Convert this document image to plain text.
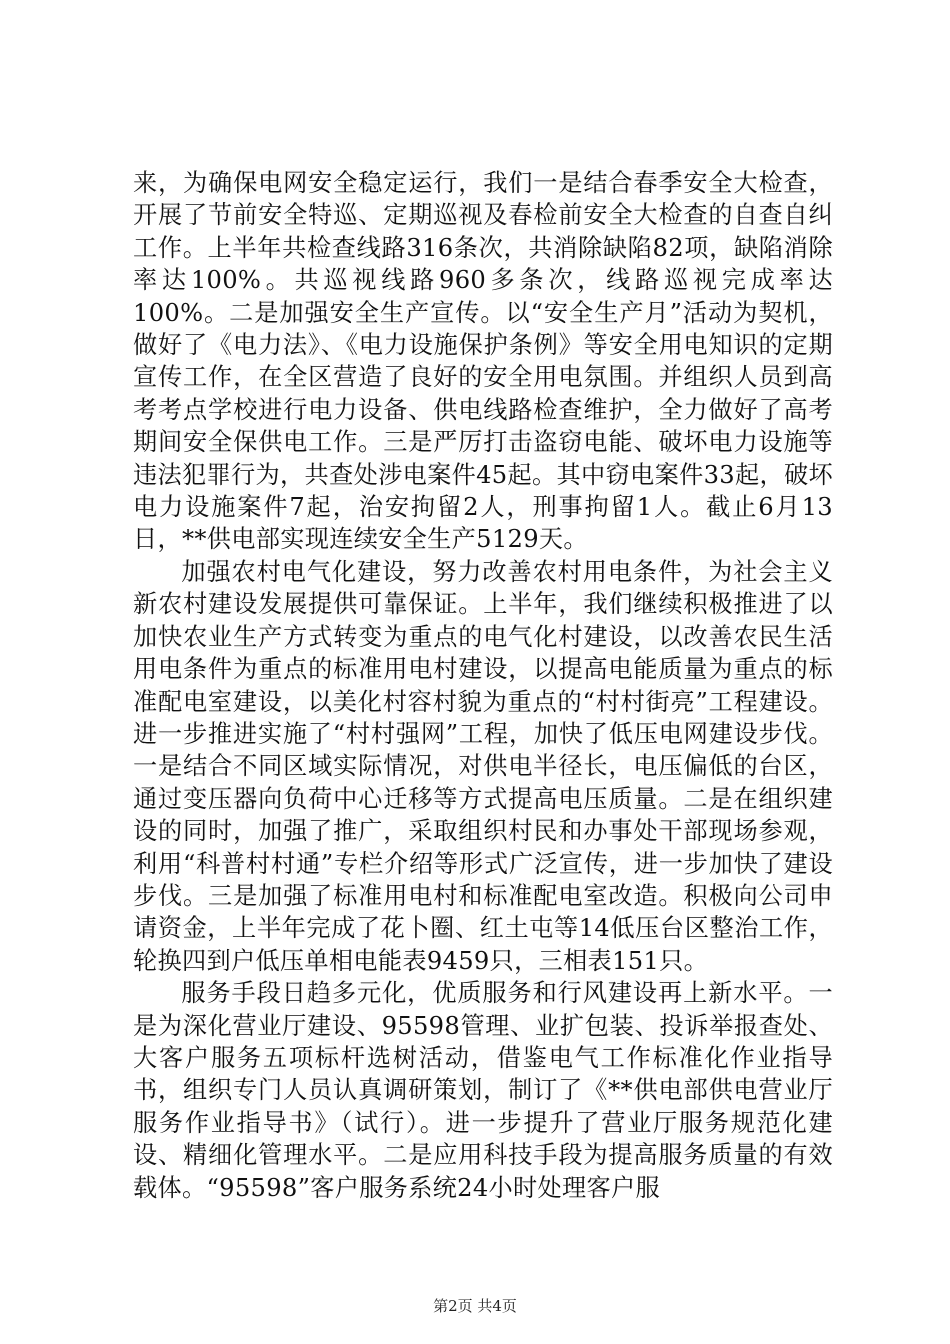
来，为确保电网安全稳定运行，我们一是结合春季安全大检查，开展了节前安全特巡、定期巡视及春检前安全大检查的自查自纠工作。上半年共检查线路316条次，共消除缺陷82项，缺陷消除率达100%。共巡视线路960多条次，线路巡视完成率达100%。二是加强安全生产宣传。以“安全生产月”活动为契机，做好了《电力法》、《电力设施保护条例》等安全用电知识的定期宣传工作，在全区营造了良好的安全用电氛围。并组织人员到高考考点学校进行电力设备、供电线路检查维护，全力做好了高考期间安全保供电工作。三是严厉打击盗窃电能、破坏电力设施等违法犯罪行为，共查处涉电案件45起。其中窃电案件33起，破坏电力设施案件7起，治安拘留2人，刑事拘留1人。截止6月13日，**供电部实现连续安全生产5129天。

加强农村电气化建设，努力改善农村用电条件，为社会主义新农村建设发展提供可靠保证。上半年，我们继续积极推进了以加快农业生产方式转变为重点的电气化村建设，以改善农民生活用电条件为重点的标准用电村建设，以提高电能质量为重点的标准配电室建设，以美化村容村貌为重点的“村村街亮”工程建设。进一步推进实施了“村村强网”工程，加快了低压电网建设步伐。一是结合不同区域实际情况，对供电半径长，电压偏低的台区，通过变压器向负荷中心迁移等方式提高电压质量。二是在组织建设的同时，加强了推广，采取组织村民和办事处干部现场参观，利用“科普村村通”专栏介绍等形式广泛宣传，进一步加快了建设步伐。三是加强了标准用电村和标准配电室改造。积极向公司申请资金，上半年完成了花卜圈、红土屯等14低压台区整治工作，轮换四到户低压单相电能表9459只，三相表151只。

服务手段日趋多元化，优质服务和行风建设再上新水平。一是为深化营业厅建设、95598管理、业扩包装、投诉举报查处、大客户服务五项标杆选树活动，借鉴电气工作标准化作业指导书，组织专门人员认真调研策划，制订了《**供电部供电营业厅服务作业指导书》（试行）。进一步提升了营业厅服务规范化建设、精细化管理水平。二是应用科技手段为提高服务质量的有效载体。“95598”客户服务系统24小时处理客户服

第2页 共4页
